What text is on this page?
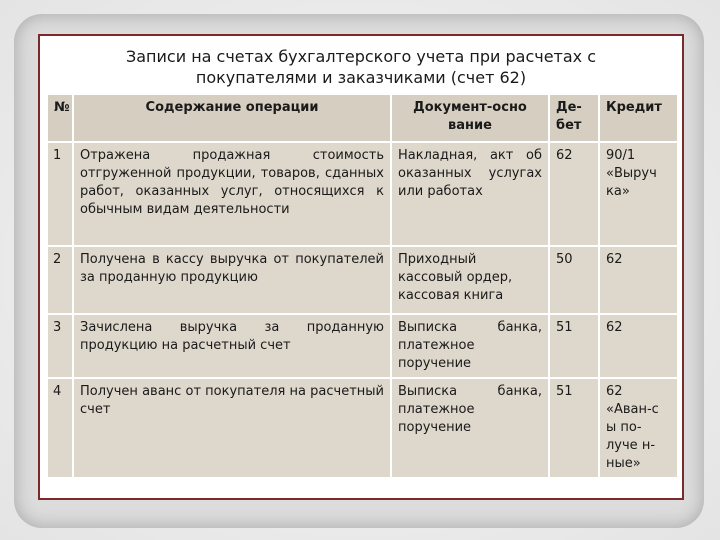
Записи на счетах бухгалтерского учета при расчетах с
покупателями и заказчиками (счет 62)
№	Содержание операции	Документ-осно вание	Де-бет	Кредит
1	Отражена продажная стоимость отгруженной продукции, товаров, сданных работ, оказанных услуг, относящихся к обычным видам деятельности	Накладная, акт об оказанных услугах или работах	62	90/1 «Выруч ка»
2	Получена в кассу выручка от покупателей за проданную продукцию	Приходный кассовый ордер, кассовая книга	50	62
3	Зачислена выручка за проданную продукцию на расчетный счет	Выписка банка, платежное поручение	51	62
4	Получен аванс от покупателя на расчетный счет	Выписка банка, платежное поручение	51	62 «Аван-с ы по-луче н-ные»
